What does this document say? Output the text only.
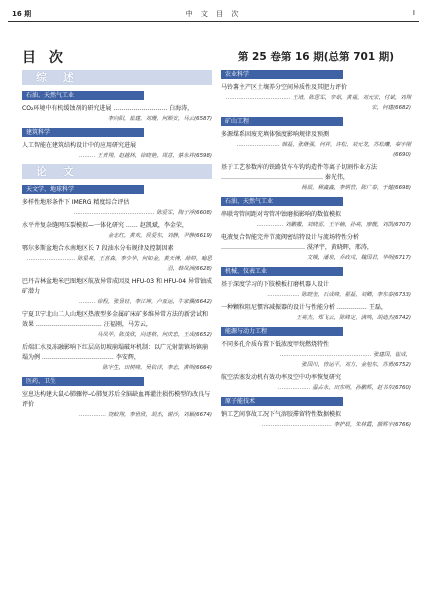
16 期	中 文 目 次	I
目 次
综 述
石油、天然气工业
CO₂环境中有机缓蚀剂的研究进展 ……………………… 白海涛，
李向阳，崔建，刘珊，何顺安，马云(6587)
建筑科学
人工智能在建筑结构设计中的应用研究进展
……… 王青翔，赵越林，徐晓艳，周意，蔡永祥(6598)
论 文
天文学、地球科学
多样性地形条件下 IMERG 精度综合评估
……………………………………… 陈爱军，陶子浮(6608)
水平井复杂缝网压裂模拟—一体化研究 …… 赵凯斌，李金荣，
金志红，黄欢，侯爱东，刘静，尹静(6619)
鄂尔多斯盆地合水南地区长 7 段油水分布规律及控制因素
……………………… 陈星亮，王喜森，李少华，何如金，黄天博，薛婷，喻思羽，韩凤洲(6628)
巴丹吉林盆地米巴图地区航放异常成因及 HFU-03 和 HFU-04 异常铀成矿潜力
……… 徐程，张显钰，李江坤，卢亚运，牛家骥(6642)
宁夏卫宁北山二人山地区热液型多金属矿床矿多维异常方法的新尝试和效果 …………………………… 汪福刚，马芳云，
马凤华，陈茂欣，向述格，何庆忠，王成(6652)
后端汇水及冻融影响下红层高切坡崩塌破坏机制：以广元射箭镇场镇崩塌为例 ……………………………… 李安辉，
陈宇生，田树峰，吴钦洋，李志，黄明(6664)
医药、卫生
室息达构建大鼠心肺骤停-心肺复苏后全脑缺血再灌注损伤模型的改良与评价
…………… 饶蛟翔，李世欣，胡杰，谢沙，刘颖(6674)
第 25 卷第 16 期(总第 701 期)
农业科学
马铃薯主产区土壤养分空间异质性及其肥力评价
……………………………… 王靖，陈思军，辛茹，黄福，刘元宏，付斌，刘翔宏，何建(6682)
矿山工程
多源煤系固废充填体强度影响规律及预测
…………………… 韩磊，张继强，何祥，许松，刘元龙，苏松曦，秦宇刚(6690)
基于工艺参数库的铁路货车车钩钩造件等离子切割作业方法 …………………………………………… 秦光伟，
杨辰，穆鑫鑫，李炳营，陈广泰，于健(6698)
石油、天然气工业
串联弯管间距对弯管冲蚀磨损影响的数值模拟
…………… 刘鹏撒，刘晓雷，王宇楠，孙亮，廖靓，刘凯(6707)
电液复合智能完井节流阀密结特设计与流场特性分析 …………………………………… 漠泽宇，黄晓晖，邢涛，
文娥，潘泉，乔政戌，魏国君，华明(6717)
机械、仪表工业
基于深度学习的下肢模板打磨机器人设计
……………… 陈晓奎，石成峰，翟磊，刘卿，李东泰(6733)
一种颗粒阻尼惯容减振器的设计与性能分析 …………… 王磊，
王亮杰，郑飞云，陈峰定，满鸣，胡迪杰(6742)
能源与动力工程
不同多孔介质布置下低浓度甲烷燃烧特性
…………………………………………… 张建国，崔成，
张国川，曾运平，刘方，金旭东，苏勇(6752)
航空活塞发动机有效功率及空中功率恢复研究
……………… 温占永，田东明，孙鹏辉，赵书东(6760)
原子能技术
钠工艺间事故工况下气溶胶滞留特性数据模拟
………………………………… 李护辰，朱林霞，颜辉宇(6766)
